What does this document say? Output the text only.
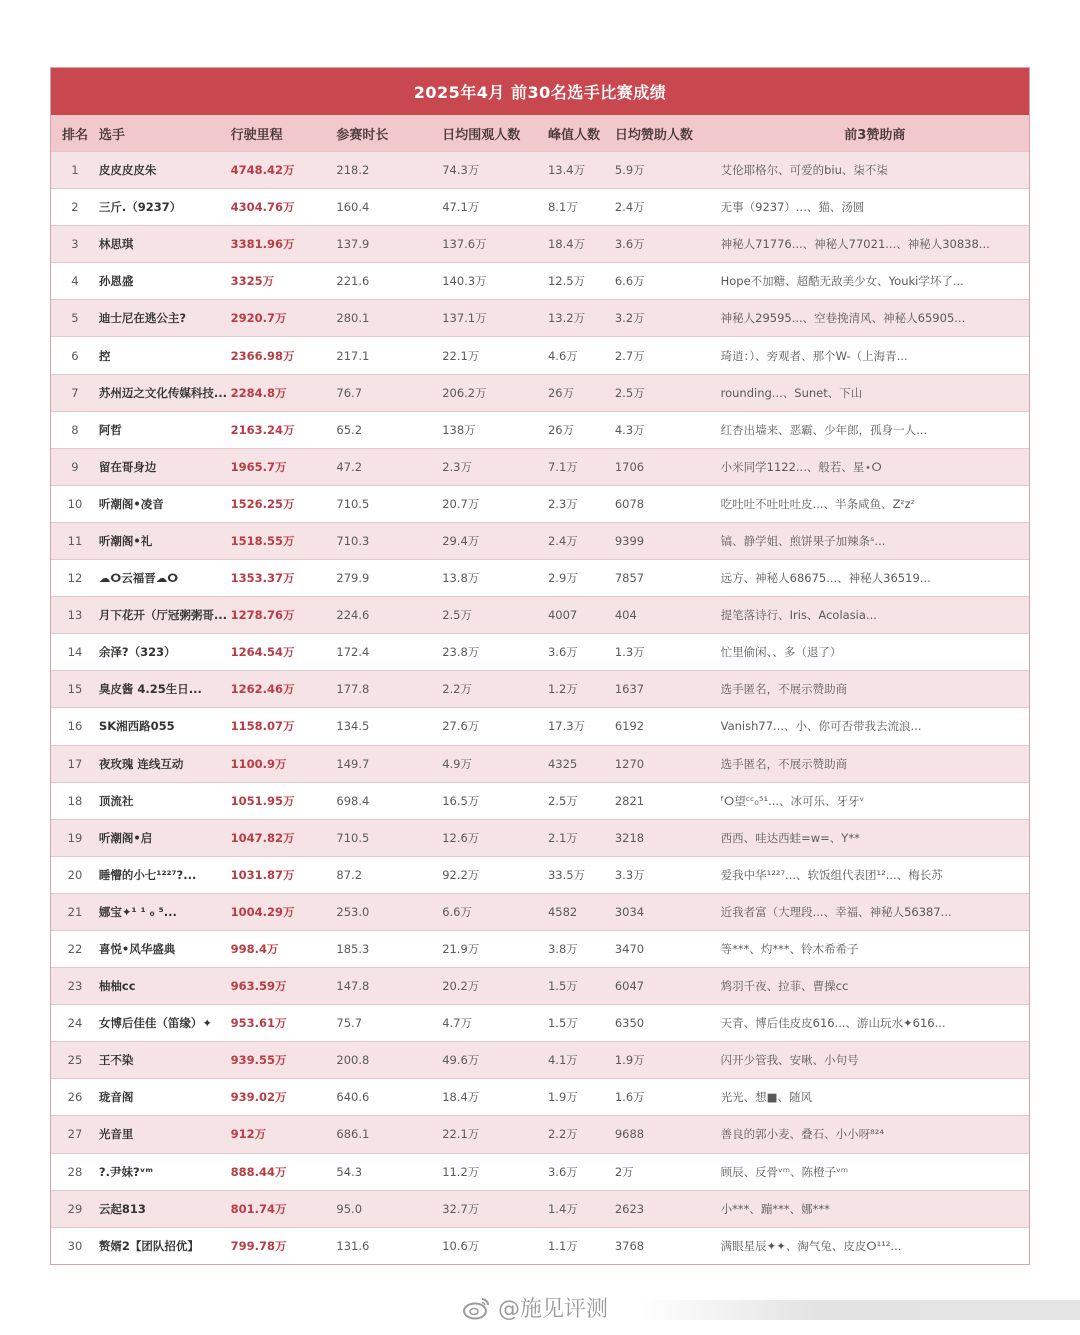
2025年4月 前30名选手比赛成绩
排名 选手	行驶里程	参赛时长	日均围观人数	峰值人数	日均赞助人数	前3赞助商
1	皮皮皮皮朱	4748.42万	218.2	74.3万	13.4万	5.9万	艾伦耶格尔、可爱的biu、柒不柒
2	三斤.（9237）	4304.76万	160.4	47.1万	8.1万	2.4万	无事（9237）...、猫、汤圆
3	林思琪	3381.96万	137.9	137.6万	18.4万	3.6万	神秘人71776...、神秘人77021...、神秘人30838...
4	孙恩盛	3325万	221.6	140.3万	12.5万	6.6万	Hope不加糖、超酷无敌美少女、Youki学坏了...
5	迪士尼在逃公主?	2920.7万	280.1	137.1万	13.2万	3.2万	神秘人29595...、空巷挽清风、神秘人65905...
6	控	2366.98万	217.1	22.1万	4.6万	2.7万	琦逍：）、旁观者、那个W-（上海青...
7	苏州迈之文化传媒科技... 2284.8万	76.7	206.2万	26万	2.5万	rounding...、Sunet、下山
8	阿哲	2163.24万	65.2	138万	26万	4.3万	红杏出墙来、恶霸、少年郎，孤身一人...
9	留在哥身边	1965.7万	47.2	2.3万	7.1万	1706	小米同学1122...、般若、星⋆ⵔ
10	听潮阁•凌音	1526.25万	710.5	20.7万	2.3万	6078	吃吐吐不吐吐吐皮...、半条咸鱼、Zᶻzᶻ
11	听潮阁•礼	1518.55万	710.3	29.4万	2.4万	9399	镐、静学姐、煎饼果子加辣条ˢ...
12	☁ⵔ云福晋☁ⵔ	1353.37万	279.9	13.8万	2.9万	7857	远方、神秘人68675...、神秘人36519...
13	月下花开（厅冠粥粥哥... 1278.76万	224.6	2.5万	4007	404	提笔落诗行、Iris、Acolasia...
14	余泽?（323）	1264.54万	172.4	23.8万	3.6万	1.3万	忙里偷闲、、多（退了）
15	臭皮酱 4.25生日...	1262.46万	177.8	2.2万	1.2万	1637	选手匿名，不展示赞助商
16	SK湘西路055	1158.07万	134.5	27.6万	17.3万	6192	Vanish77...、小、你可否带我去流浪...
17	夜玫瑰 连线互动	1100.9万	149.7	4.9万	4325	1270	选手匿名，不展示赞助商
18	顶流社	1051.95万	698.4	16.5万	2.5万	2821	ᶠⵔ望ᶜᶜ₀⁵¹...、冰可乐、牙牙ᵛ
19	听潮阁•启	1047.82万	710.5	12.6万	2.1万	3218	西西、哇达西蛙=w=、Y**
20	睡懵的小七¹²²⁷?...	1031.87万	87.2	92.2万	33.5万	3.3万	爱我中华¹²²⁷...、软饭组代表团¹²...、梅长苏
21	娜宝✦¹ ¹ ₀ ⁵...	1004.29万	253.0	6.6万	4582	3034	近我者富（大理段...、幸福、神秘人56387...
22	喜悦•风华盛典	998.4万	185.3	21.9万	3.8万	3470	等***、灼***、铃木希希子
23	柚柚cc	963.59万	147.8	20.2万	1.5万	6047	鸩羽千夜、拉菲、曹操cc
24	女博后佳佳（笛缘）✦	953.61万	75.7	4.7万	1.5万	6350	天青、博后佳皮皮616...、游山玩水✦616...
25	王不染	939.55万	200.8	49.6万	4.1万	1.9万	闪开少管我、安啾、小句号
26	珑音阁	939.02万	640.6	18.4万	1.9万	1.6万	光光、想■、随风
27	光音里	912万	686.1	22.1万	2.2万	9688	善良的郭小麦、叠石、小小呀⁸²⁴
28	?.尹妹?ᵛᵐ	888.44万	54.3	11.2万	3.6万	2万	顾辰、反骨ᵛᵐ、陈橙子ᵛᵐ
29	云起813	801.74万	95.0	32.7万	1.4万	2623	小***、蹦***、娜***
30	赘婿2【团队招优】	799.78万	131.6	10.6万	1.1万	3768	满眼星辰✦✦、淘气兔、皮皮ⵔ¹¹²...
@施见评测
